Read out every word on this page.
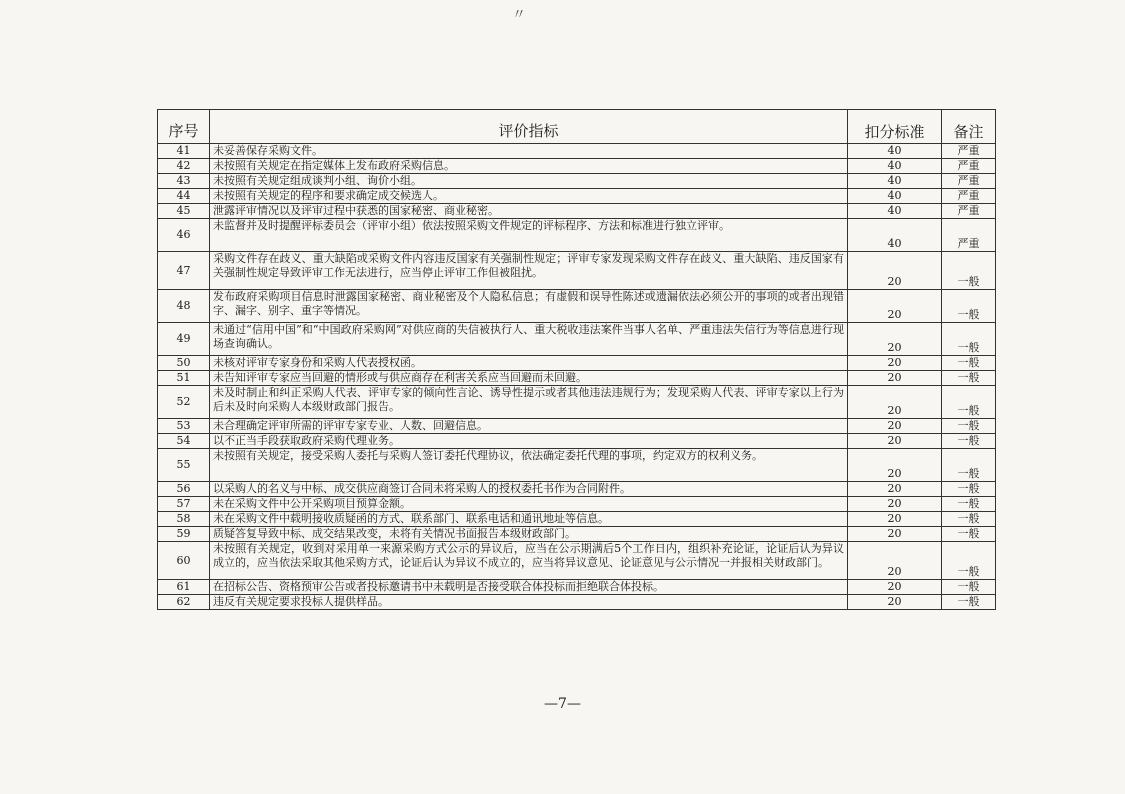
〃
序号	评价指标	扣分标准	备注
41	未妥善保存采购文件。	40	严重
42	未按照有关规定在指定媒体上发布政府采购信息。	40	严重
43	未按照有关规定组成谈判小组、询价小组。	40	严重
44	未按照有关规定的程序和要求确定成交候选人。	40	严重
45	泄露评审情况以及评审过程中获悉的国家秘密、商业秘密。	40	严重
46	未监督并及时提醒评标委员会（评审小组）依法按照采购文件规定的评标程序、方法和标准进行独立评审。	40	严重
47	采购文件存在歧义、重大缺陷或采购文件内容违反国家有关强制性规定；评审专家发现采购文件存在歧义、重大缺陷、违反国家有关强制性规定导致评审工作无法进行，应当停止评审工作但被阻扰。	20	一般
48	发布政府采购项目信息时泄露国家秘密、商业秘密及个人隐私信息；有虚假和误导性陈述或遗漏依法必须公开的事项的或者出现错字、漏字、别字、重字等情况。	20	一般
49	未通过“信用中国”和“中国政府采购网”对供应商的失信被执行人、重大税收违法案件当事人名单、严重违法失信行为等信息进行现场查询确认。	20	一般
50	未核对评审专家身份和采购人代表授权函。	20	一般
51	未告知评审专家应当回避的情形或与供应商存在利害关系应当回避而未回避。	20	一般
52	未及时制止和纠正采购人代表、评审专家的倾向性言论、诱导性提示或者其他违法违规行为；发现采购人代表、评审专家以上行为后未及时向采购人本级财政部门报告。	20	一般
53	未合理确定评审所需的评审专家专业、人数、回避信息。	20	一般
54	以不正当手段获取政府采购代理业务。	20	一般
55	未按照有关规定，接受采购人委托与采购人签订委托代理协议，依法确定委托代理的事项，约定双方的权利义务。	20	一般
56	以采购人的名义与中标、成交供应商签订合同未将采购人的授权委托书作为合同附件。	20	一般
57	未在采购文件中公开采购项目预算金额。	20	一般
58	未在采购文件中载明接收质疑函的方式、联系部门、联系电话和通讯地址等信息。	20	一般
59	质疑答复导致中标、成交结果改变，未将有关情况书面报告本级财政部门。	20	一般
60	未按照有关规定，收到对采用单一来源采购方式公示的异议后，应当在公示期满后5个工作日内，组织补充论证，论证后认为异议成立的，应当依法采取其他采购方式，论证后认为异议不成立的，应当将异议意见、论证意见与公示情况一并报相关财政部门。	20	一般
61	在招标公告、资格预审公告或者投标邀请书中未载明是否接受联合体投标而拒绝联合体投标。	20	一般
62	违反有关规定要求投标人提供样品。	20	一般
—7—
